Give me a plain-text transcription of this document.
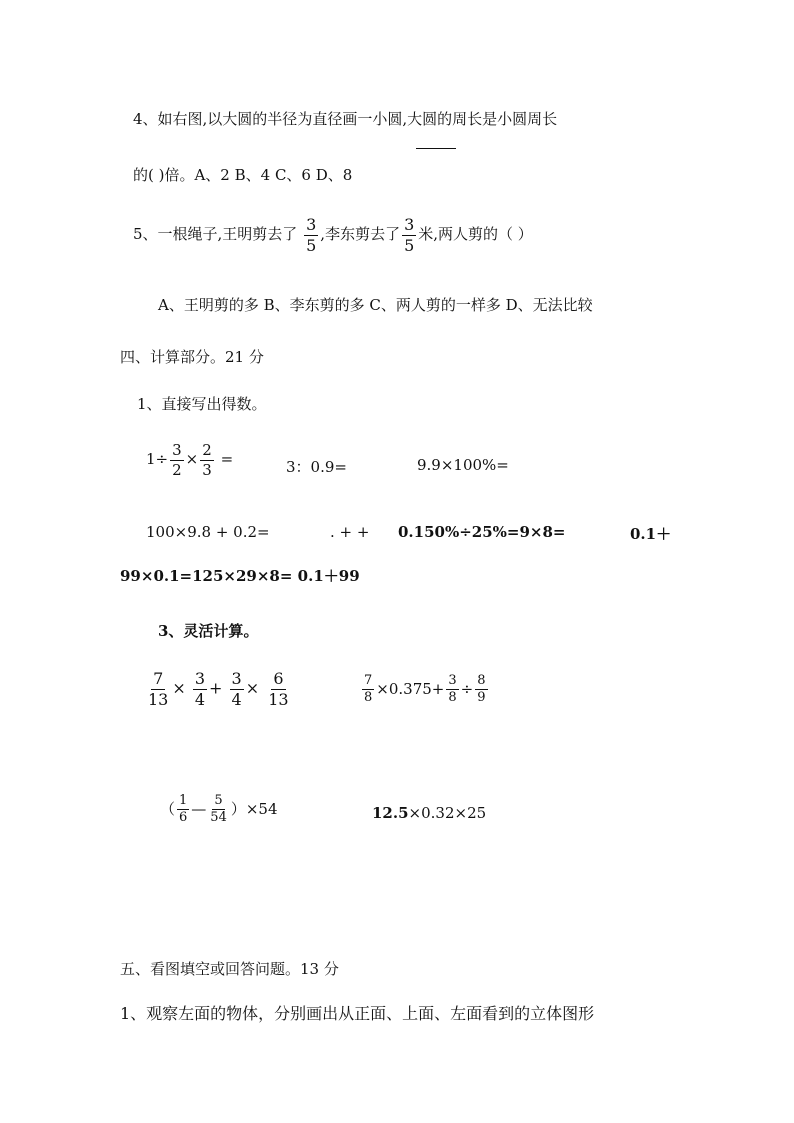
4、如右图,以大圆的半径为直径画一小圆,大圆的周长是小圆周长
的( )倍。A、2 B、4 C、6 D、8
5、一根绳子,王明剪去了 $\frac{3}{5}$ ,李东剪去了 $\frac{3}{5}$ 米,两人剪的（ ）
A、王明剪的多 B、李东剪的多 C、两人剪的一样多 D、无法比较
四、计算部分。21 分
1、直接写出得数。
$1\div \frac{3}{2} \times \frac{2}{3}$ =	3：0.9=	9.9×100%=
100×9.8 + 0.2=	. + + 0.150%÷25%=9×8=	0.1＋
99×0.1=125×29×8= 0.1＋99
3、灵活计算。
$\frac{7}{13} \times \frac{3}{4} + \frac{3}{4} \times \frac{6}{13}$	$\frac{7}{8} \times 0.375+ \frac{3}{8} \div \frac{8}{9}$
（ $\frac{1}{6}$ — $\frac{5}{54} )\times 54$	12.5×0.32×25
五、看图填空或回答问题。13 分
1、观察左面的物体，分别画出从正面、上面、左面看到的立体图形
